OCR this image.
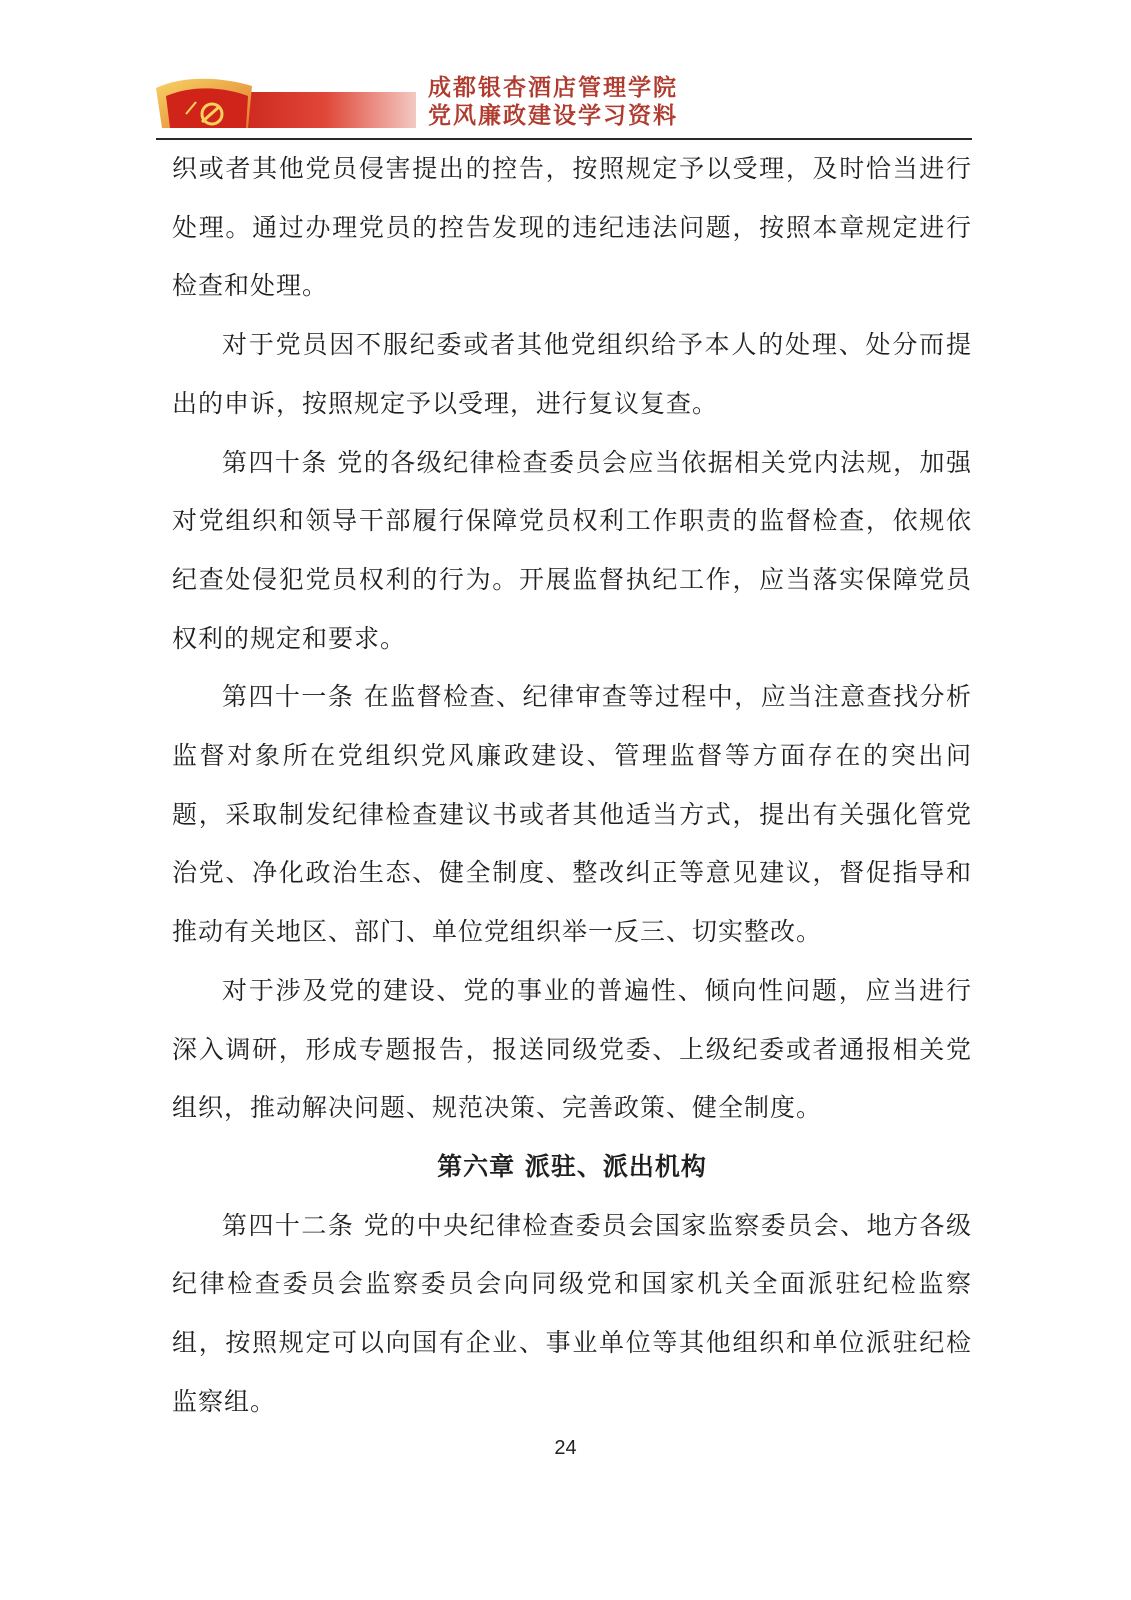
成都银杏酒店管理学院
党风廉政建设学习资料

织或者其他党员侵害提出的控告，按照规定予以受理，及时恰当进行处理。通过办理党员的控告发现的违纪违法问题，按照本章规定进行检查和处理。

对于党员因不服纪委或者其他党组织给予本人的处理、处分而提出的申诉，按照规定予以受理，进行复议复查。

第四十条 党的各级纪律检查委员会应当依据相关党内法规，加强对党组织和领导干部履行保障党员权利工作职责的监督检查，依规依纪查处侵犯党员权利的行为。开展监督执纪工作，应当落实保障党员权利的规定和要求。

第四十一条 在监督检查、纪律审查等过程中，应当注意查找分析监督对象所在党组织党风廉政建设、管理监督等方面存在的突出问题，采取制发纪律检查建议书或者其他适当方式，提出有关强化管党治党、净化政治生态、健全制度、整改纠正等意见建议，督促指导和推动有关地区、部门、单位党组织举一反三、切实整改。

对于涉及党的建设、党的事业的普遍性、倾向性问题，应当进行深入调研，形成专题报告，报送同级党委、上级纪委或者通报相关党组织，推动解决问题、规范决策、完善政策、健全制度。

第六章 派驻、派出机构

第四十二条 党的中央纪律检查委员会国家监察委员会、地方各级纪律检查委员会监察委员会向同级党和国家机关全面派驻纪检监察组，按照规定可以向国有企业、事业单位等其他组织和单位派驻纪检监察组。

24
